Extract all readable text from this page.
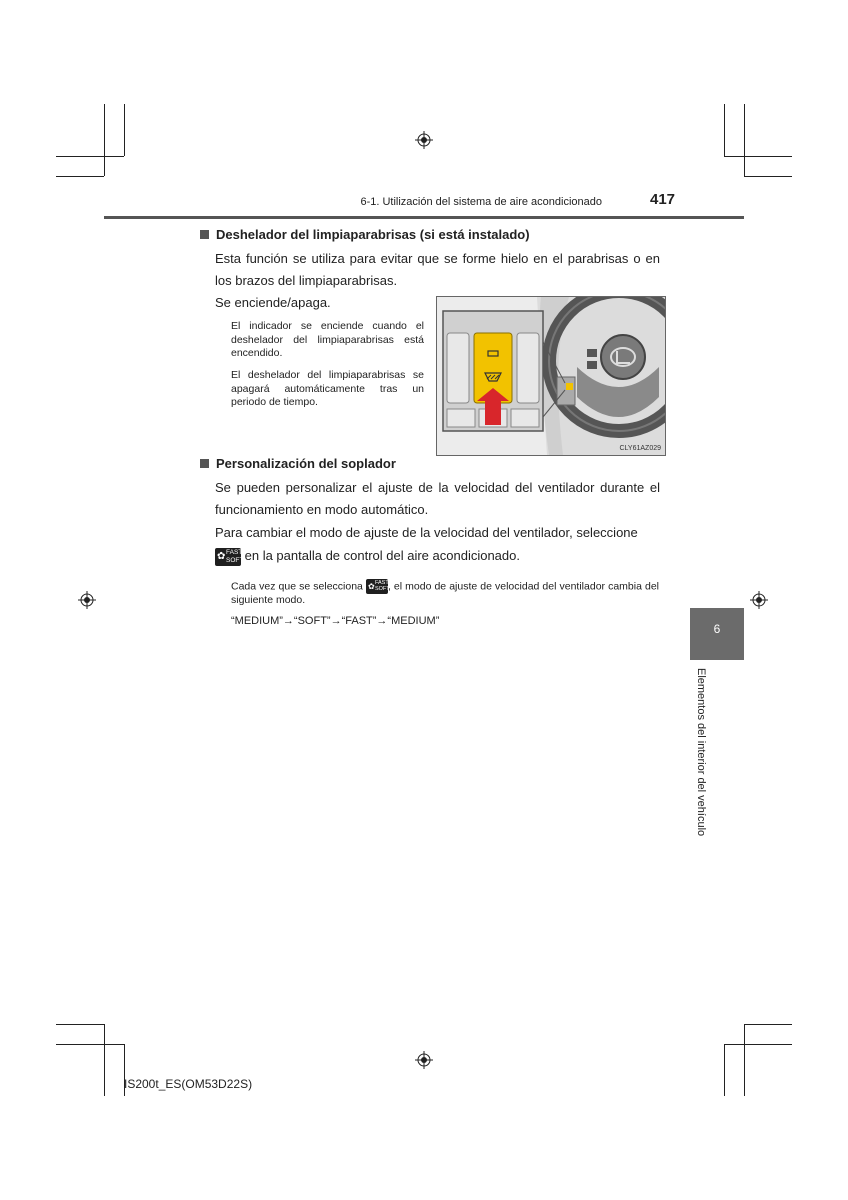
6-1. Utilización del sistema de aire acondicionado	417
Deshelador del limpiaparabrisas (si está instalado)
Esta función se utiliza para evitar que se forme hielo en el parabrisas o en los brazos del limpiaparabrisas.
Se enciende/apaga.
El indicador se enciende cuando el deshelador del limpiaparabrisas está encendido.
El deshelador del limpiaparabrisas se apagará automáticamente tras un periodo de tiempo.
CLY61AZ029
Personalización del soplador
Se pueden personalizar el ajuste de la velocidad del ventilador durante el funcionamiento en modo automático.
Para cambiar el modo de ajuste de la velocidad del ventilador, seleccione
✿ FAST
SOFT en la pantalla de control del aire acondicionado.
Cada vez que se selecciona ✿ FAST
SOFT
, el modo de ajuste de velocidad del ventilador cambia del siguiente modo.
“MEDIUM”→“SOFT”→“FAST”→“MEDIUM”
6
Elementos del interior del vehículo
IS200t_ES(OM53D22S)
